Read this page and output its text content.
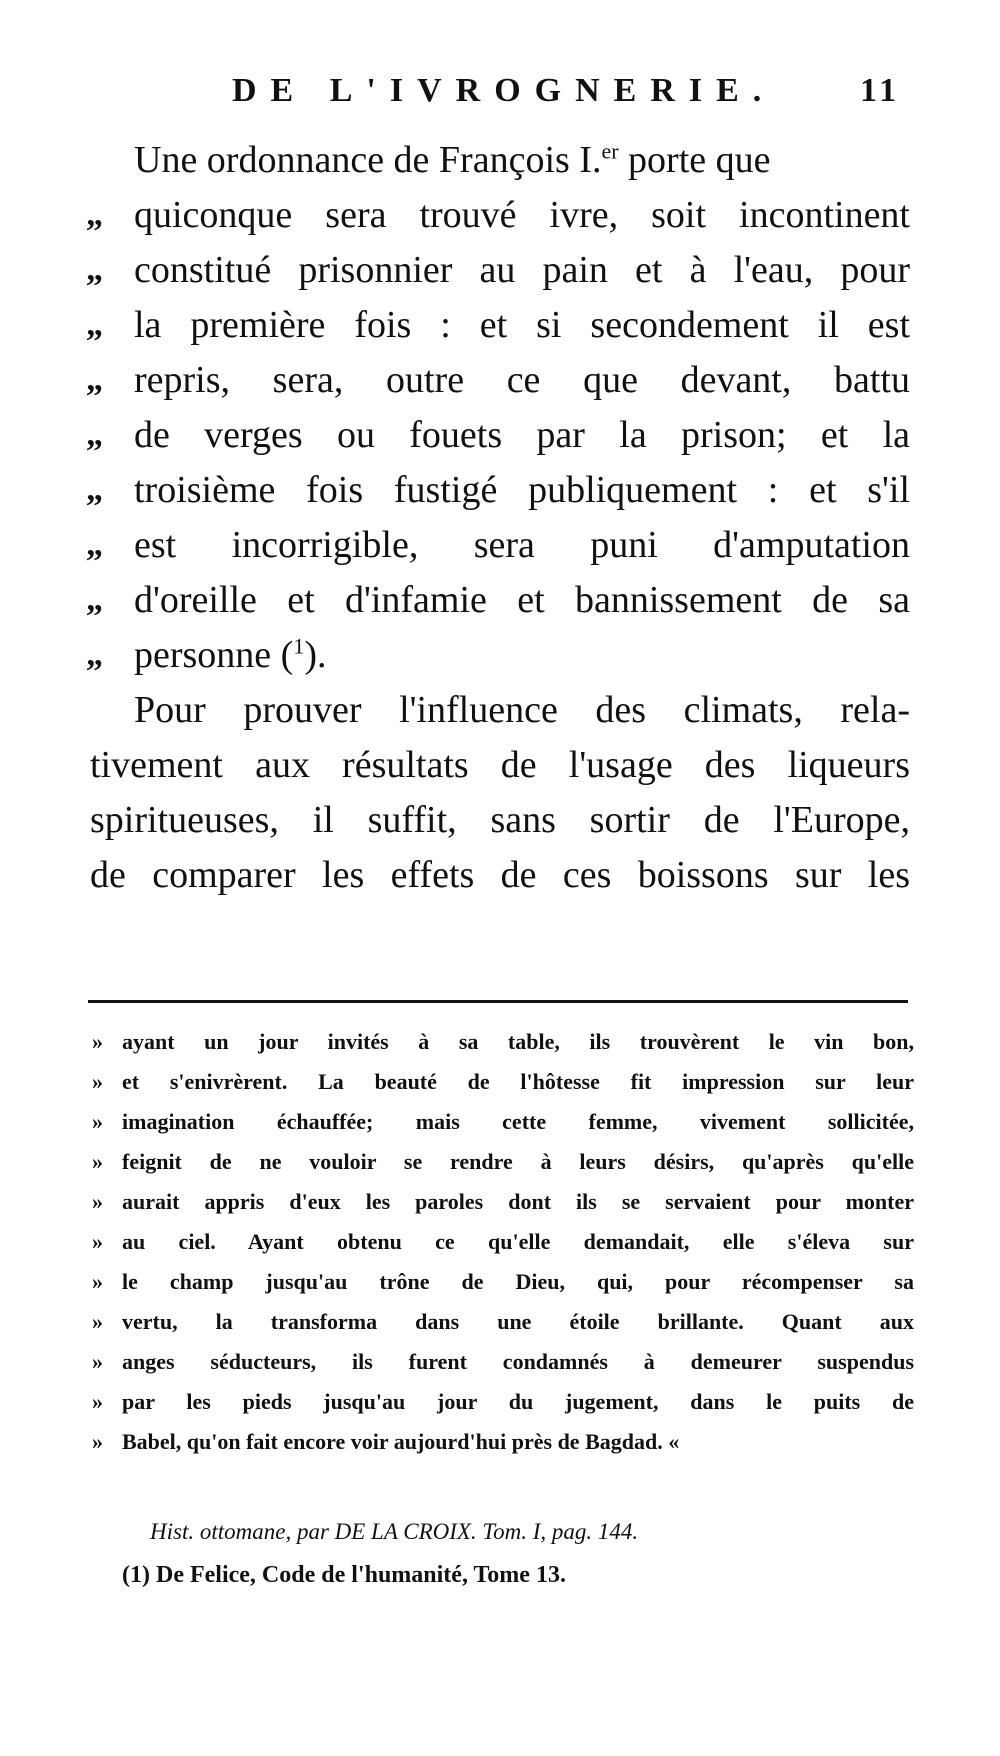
DE L'IVROGNERIE. 11
Une ordonnance de François I.$^{er}$ porte que
„ quiconque sera trouvé ivre, soit incontinent
„ constitué prisonnier au pain et à l'eau, pour
„ la première fois : et si secondement il est
„ repris, sera, outre ce que devant, battu
„ de verges ou fouets par la prison; et la
„ troisième fois fustigé publiquement : et s'il
„ est incorrigible, sera puni d'amputation
„ d'oreille et d'infamie et bannissement de sa
„ personne ($^1$).
Pour prouver l'influence des climats, rela-
tivement aux résultats de l'usage des liqueurs
spiritueuses, il suffit, sans sortir de l'Europe,
de comparer les effets de ces boissons sur les
» ayant un jour invités à sa table, ils trouvèrent le vin bon,
» et s'enivrèrent. La beauté de l'hôtesse fit impression sur leur
» imagination échauffée; mais cette femme, vivement sollicitée,
» feignit de ne vouloir se rendre à leurs désirs, qu'après qu'elle
» aurait appris d'eux les paroles dont ils se servaient pour monter
» au ciel. Ayant obtenu ce qu'elle demandait, elle s'éleva sur
» le champ jusqu'au trône de Dieu, qui, pour récompenser sa
» vertu, la transforma dans une étoile brillante. Quant aux
» anges séducteurs, ils furent condamnés à demeurer suspendus
» par les pieds jusqu'au jour du jugement, dans le puits de
» Babel, qu'on fait encore voir aujourd'hui près de Bagdad. «
Hist. ottomane, par DE LA CROIX. Tom. I, pag. 144.
(1) De Felice, Code de l'humanité, Tome 13.
